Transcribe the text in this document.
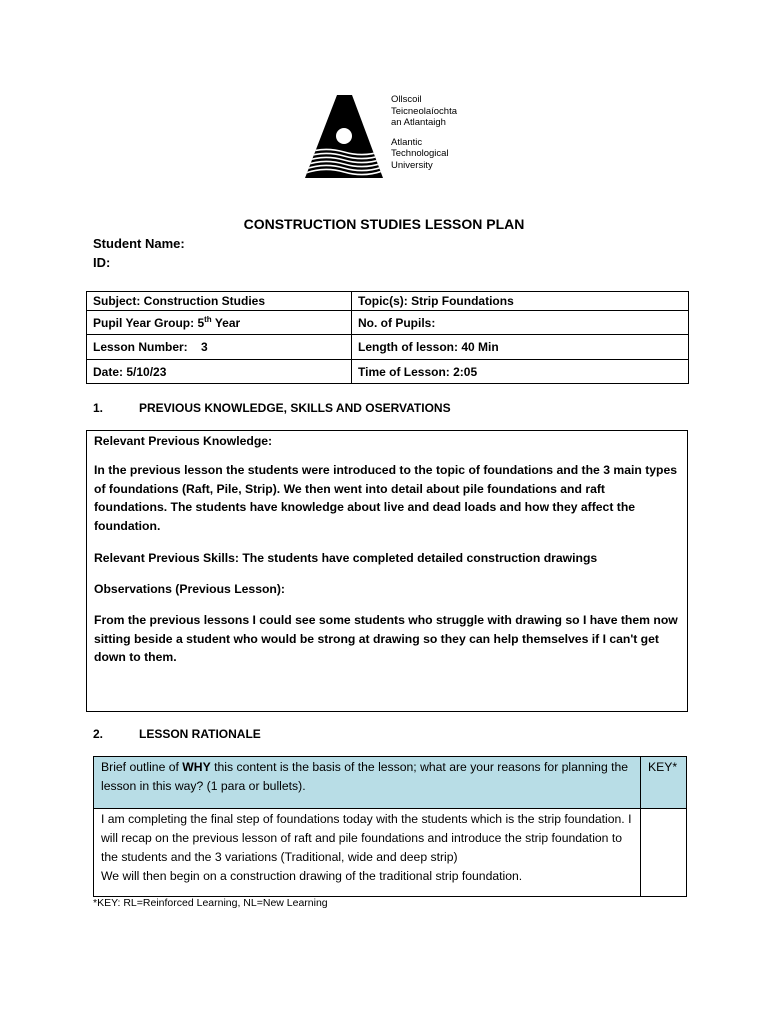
Ollscoil
Teicneolaíochta
an Atlantaigh
Atlantic
Technological
University
CONSTRUCTION STUDIES LESSON PLAN
Student Name:
ID:
Subject: Construction Studies	Topic(s): Strip Foundations
Pupil Year Group: 5th Year	No. of Pupils:
Lesson Number:    3	Length of lesson: 40 Min
Date: 5/10/23	Time of Lesson: 2:05
1.	PREVIOUS KNOWLEDGE, SKILLS AND OSERVATIONS

Relevant Previous Knowledge:

In the previous lesson the students were introduced to the topic of foundations and the 3 main types of foundations (Raft, Pile, Strip). We then went into detail about pile foundations and raft foundations. The students have knowledge about live and dead loads and how they affect the foundation.

Relevant Previous Skills: The students have completed detailed construction drawings

Observations (Previous Lesson):

From the previous lessons I could see some students who struggle with drawing so I have them now sitting beside a student who would be strong at drawing so they can help themselves if I can't get down to them.

2.	LESSON RATIONALE
Brief outline of WHY this content is the basis of the lesson; what are your reasons for planning the lesson in this way? (1 para or bullets).	KEY*

I am completing the final step of foundations today with the students which is the strip foundation. I will recap on the previous lesson of raft and pile foundations and introduce the strip foundation to the students and the 3 variations (Traditional, wide and deep strip)
We will then begin on a construction drawing of the traditional strip foundation.	

*KEY: RL=Reinforced Learning, NL=New Learning
